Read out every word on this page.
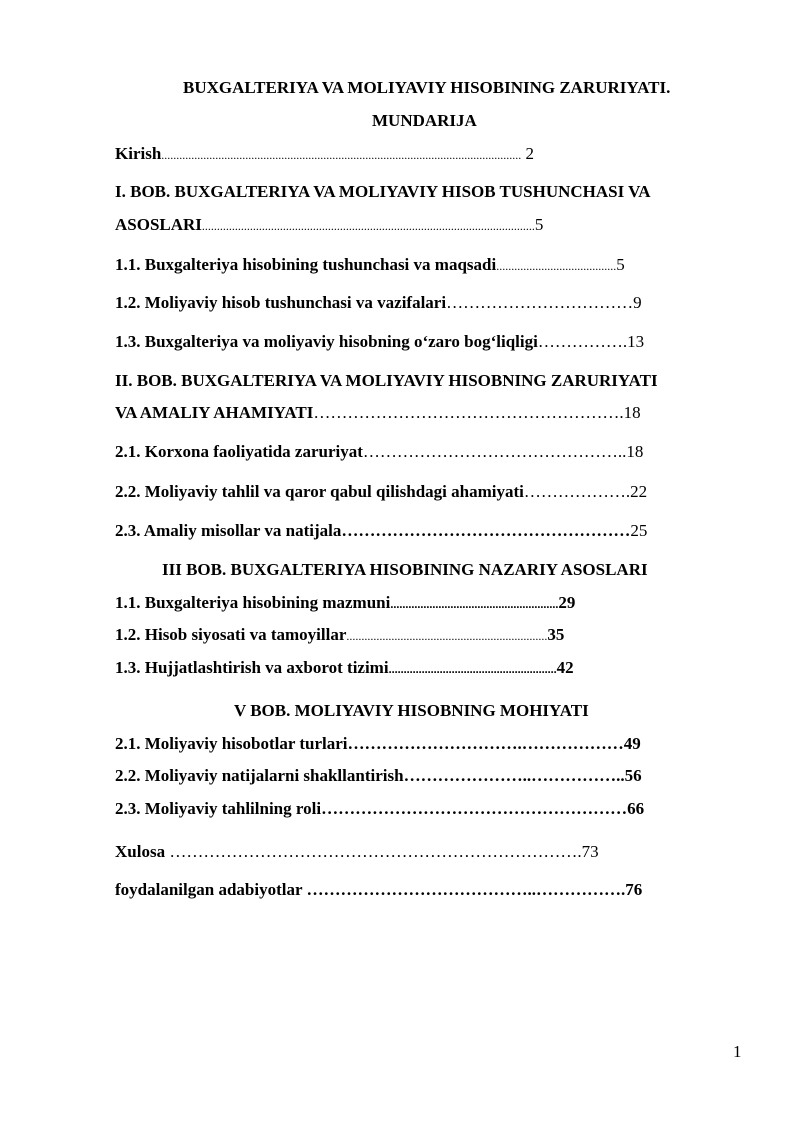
BUXGALTERIYA VA MOLIYAVIY HISOBINING ZARURIYATI.
MUNDARIJA
Kirish........................................................................................................................ 2
I. BOB. BUXGALTERIYA VA MOLIYAVIY HISOB TUSHUNCHASI VA
ASOSLARI...............................................................................................................5
1.1. Buxgalteriya hisobining tushunchasi va maqsadi........................................5
1.2. Moliyaviy hisob tushunchasi va vazifalari……………………………9
1.3. Buxgalteriya va moliyaviy hisobning o‘zaro bog‘liqligi…………….13
II. BOB. BUXGALTERIYA VA MOLIYAVIY HISOBNING ZARURIYATI
VA AMALIY AHAMIYATI……………………………………………….18
2.1. Korxona faoliyatida zaruriyat………………………………………..18
2.2. Moliyaviy tahlil va qaror qabul qilishdagi ahamiyati……………….22
2.3. Amaliy misollar va natijala……………………………………………25
III BOB. BUXGALTERIYA HISOBINING NAZARIY ASOSLARI
1.1. Buxgalteriya hisobining mazmuni........................................................29
1.2. Hisob siyosati va tamoyillar...................................................................35
1.3. Hujjatlashtirish va axborot tizimi........................................................42
V BOB. MOLIYAVIY HISOBNING MOHIYATI
2.1. Moliyaviy hisobotlar turlari………………………….………………49
2.2. Moliyaviy natijalarni shakllantirish…………………..……………..56
2.3. Moliyaviy tahlilning roli………………………………………………66
Xulosa ……………………………………………………………….73
foydalanilgan adabiyotlar …………………………………..…………….76
1
